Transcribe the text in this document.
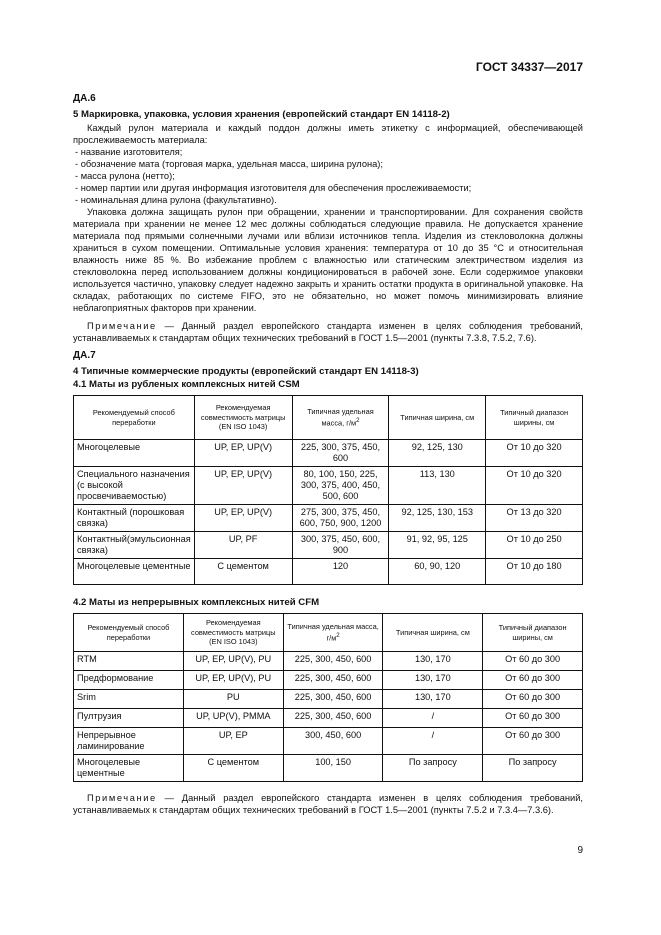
ГОСТ 34337—2017
ДА.6
5 Маркировка, упаковка, условия хранения (европейский стандарт EN 14118-2)

Каждый рулон материала и каждый поддон должны иметь этикетку с информацией, обеспечивающей прослеживаемость материала:

- название изготовителя;
- обозначение мата (торговая марка, удельная масса, ширина рулона);
- масса рулона (нетто);
- номер партии или другая информация изготовителя для обеспечения прослеживаемости;
- номинальная длина рулона (факультативно).

Упаковка должна защищать рулон при обращении, хранении и транспортировании. Для сохранения свойств материала при хранении не менее 12 мес должны соблюдаться следующие правила. Не допускается хранение материала под прямыми солнечными лучами или вблизи источников тепла. Изделия из стекловолокна должны храниться в сухом помещении. Оптимальные условия хранения: температура от 10 до 35 °С и относительная влажность ниже 85 %. Во избежание проблем с влажностью или статическим электричеством изделия из стекловолокна перед использованием должны кондиционироваться в рабочей зоне. Если содержимое упаковки используется частично, упаковку следует надежно закрыть и хранить остатки продукта в оригинальной упаковке. На складах, работающих по системе FIFO, это не обязательно, но может помочь минимизировать влияние неблагоприятных факторов при хранении.

Примечание — Данный раздел европейского стандарта изменен в целях соблюдения требований, устанавливаемых к стандартам общих технических требований в ГОСТ 1.5—2001 (пункты 7.3.8, 7.5.2, 7.6).

ДА.7
4 Типичные коммерческие продукты (европейский стандарт EN 14118-3)
4.1 Маты из рубленых комплексных нитей CSM
Рекомендуемый способ переработки	Рекомендуемая совместимость матрицы (EN ISO 1043)	Типичная удельная масса, $г/м^2$	Типичная ширина, см	Типичный диапазон ширины, см
Многоцелевые	UP, EP, UP(V)	225, 300, 375, 450, 600	92, 125, 130	От 10 до 320
Специального назначения (с высокой просвечиваемостью)	UP, EP, UP(V)	80, 100, 150, 225, 300, 375, 400, 450, 500, 600	113, 130	От 10 до 320
Контактный (порошковая связка)	UP, EP, UP(V)	275, 300, 375, 450, 600, 750, 900, 1200	92, 125, 130, 153	От 13 до 320
Контактный(эмульсионная связка)	UP, PF	300, 375, 450, 600, 900	91, 92, 95, 125	От 10 до 250
Многоцелевые цементные	С цементом	120	60, 90, 120	От 10 до 180
4.2 Маты из непрерывных комплексных нитей CFM
Рекомендуемый способ переработки	Рекомендуемая совместимость матрицы (EN ISO 1043)	Типичная удельная масса, $г/м^2$	Типичная ширина, см	Типичный диапазон ширины, см
RTM	UP, EP, UP(V), PU	225, 300, 450, 600	130, 170	От 60 до 300
Предформование	UP, EP, UP(V), PU	225, 300, 450, 600	130, 170	От 60 до 300
Srim	PU	225, 300, 450, 600	130, 170	От 60 до 300
Пултрузия	UP, UP(V), PMMA	225, 300, 450, 600	/	От 60 до 300
Непрерывное ламинирование	UP, EP	300, 450, 600	/	От 60 до 300
Многоцелевые цементные	С цементом	100, 150	По запросу	По запросу

Примечание — Данный раздел европейского стандарта изменен в целях соблюдения требований, устанавливаемых к стандартам общих технических требований в ГОСТ 1.5—2001 (пункты 7.5.2 и 7.3.4—7.3.6).

9
